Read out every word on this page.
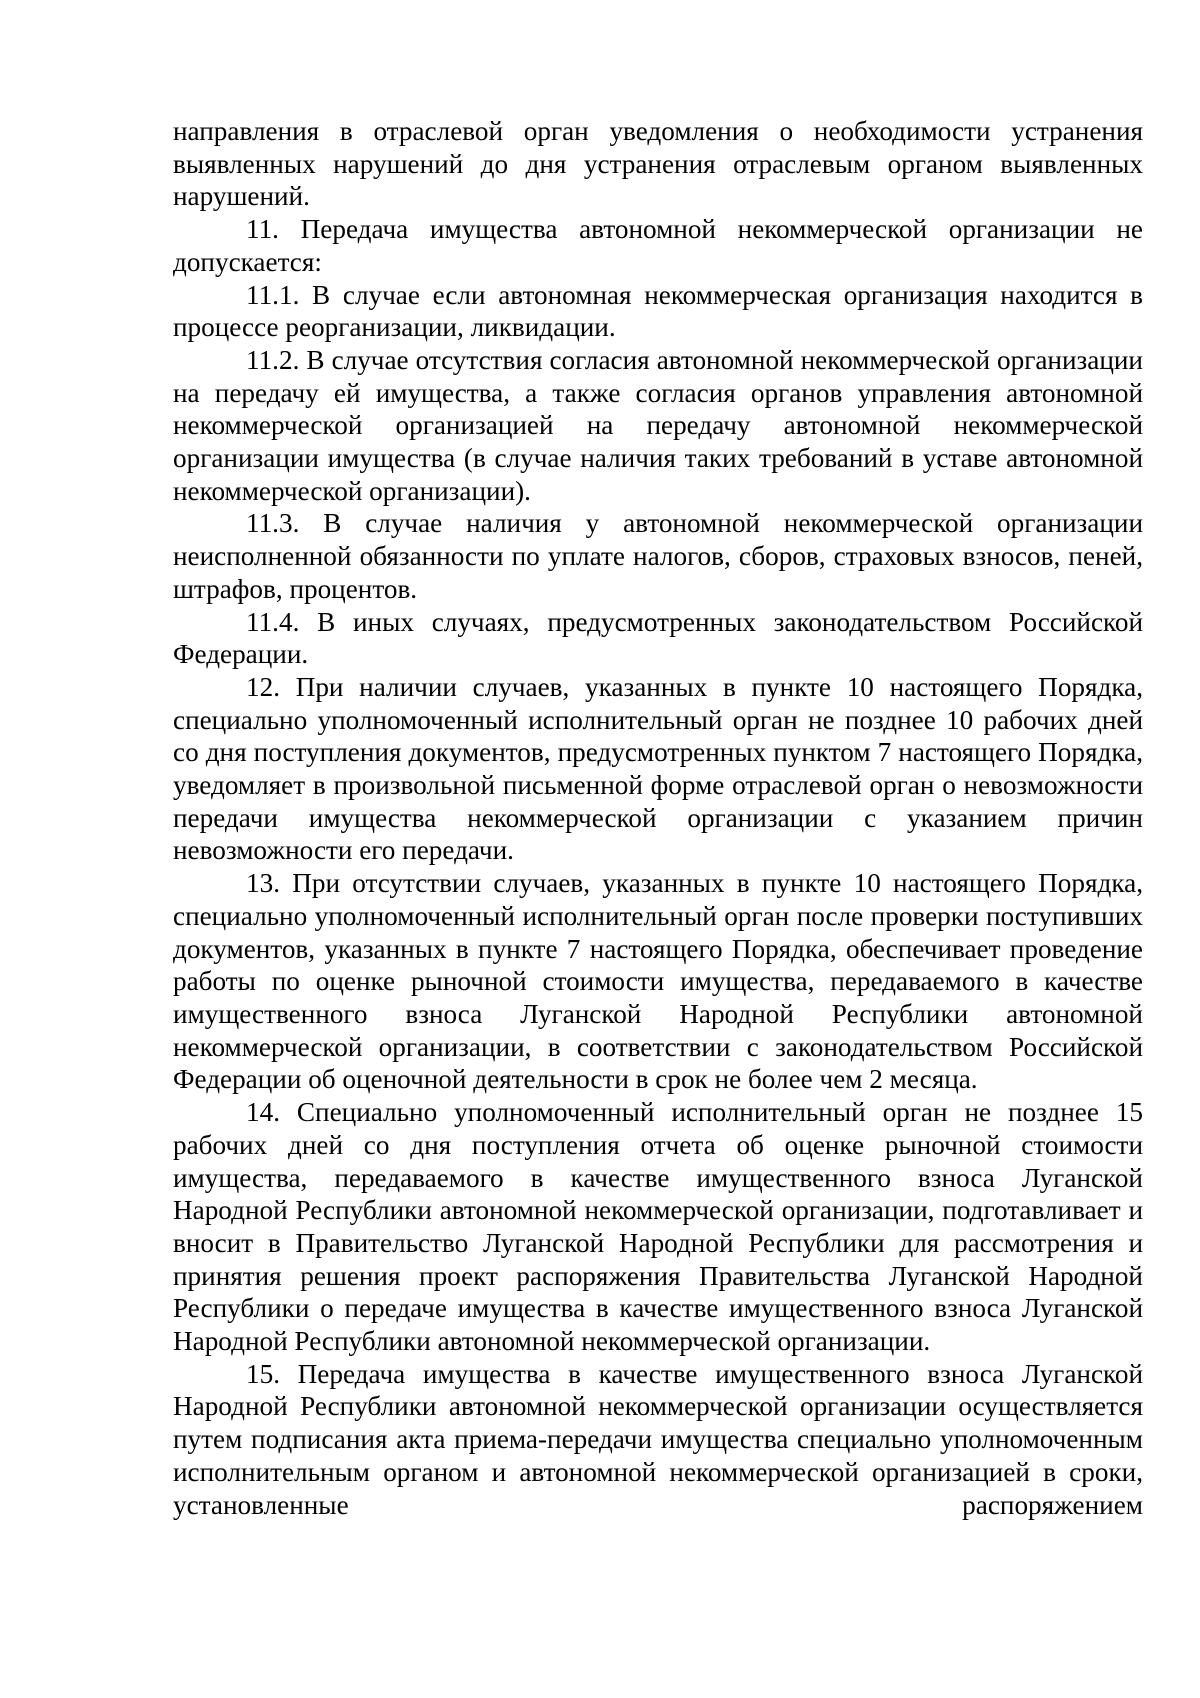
направления в отраслевой орган уведомления о необходимости устранения выявленных нарушений до дня устранения отраслевым органом выявленных нарушений.

11. Передача имущества автономной некоммерческой организации не допускается:

11.1. В случае если автономная некоммерческая организация находится в процессе реорганизации, ликвидации.

11.2. В случае отсутствия согласия автономной некоммерческой организации на передачу ей имущества, а также согласия органов управления автономной некоммерческой организацией на передачу автономной некоммерческой организации имущества (в случае наличия таких требований в уставе автономной некоммерческой организации).

11.3. В случае наличия у автономной некоммерческой организации неисполненной обязанности по уплате налогов, сборов, страховых взносов, пеней, штрафов, процентов.

11.4. В иных случаях, предусмотренных законодательством Российской Федерации.

12. При наличии случаев, указанных в пункте 10 настоящего Порядка, специально уполномоченный исполнительный орган не позднее 10 рабочих дней со дня поступления документов, предусмотренных пунктом 7 настоящего Порядка, уведомляет в произвольной письменной форме отраслевой орган о невозможности передачи имущества некоммерческой организации с указанием причин невозможности его передачи.

13. При отсутствии случаев, указанных в пункте 10 настоящего Порядка, специально уполномоченный исполнительный орган после проверки поступивших документов, указанных в пункте 7 настоящего Порядка, обеспечивает проведение работы по оценке рыночной стоимости имущества, передаваемого в качестве имущественного взноса Луганской Народной Республики автономной некоммерческой организации, в соответствии с законодательством Российской Федерации об оценочной деятельности в срок не более чем 2 месяца.

14. Специально уполномоченный исполнительный орган не позднее 15 рабочих дней со дня поступления отчета об оценке рыночной стоимости имущества, передаваемого в качестве имущественного взноса Луганской Народной Республики автономной некоммерческой организации, подготавливает и вносит в Правительство Луганской Народной Республики для рассмотрения и принятия решения проект распоряжения Правительства Луганской Народной Республики о передаче имущества в качестве имущественного взноса Луганской Народной Республики автономной некоммерческой организации.

15. Передача имущества в качестве имущественного взноса Луганской Народной Республики автономной некоммерческой организации осуществляется путем подписания акта приема-передачи имущества специально уполномоченным исполнительным органом и автономной некоммерческой организацией в сроки, установленные распоряжением
